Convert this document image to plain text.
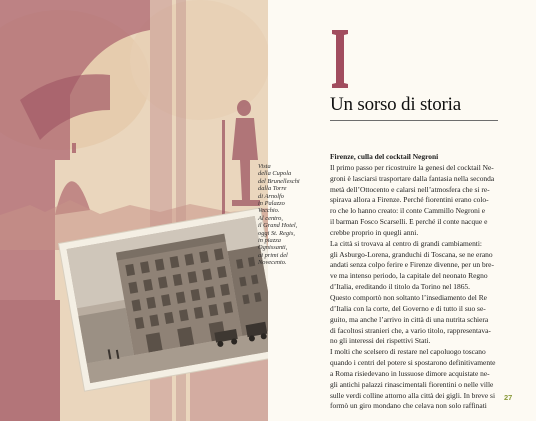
Vista
della Cupola
del Brunelleschi
dalla Torre
di Arnolfo
in Palazzo
Vecchio.
Al centro,
il Grand Hotel,
oggi St. Regis,
in piazza
Ognissanti,
ai primi del
Novecento.
Un sorso di storia
Firenze, culla del cocktail Negroni
Il primo passo per ricostruire la genesi del cocktail Ne-
groni è lasciarsi trasportare dalla fantasia nella seconda
metà dell’Ottocento e calarsi nell’atmosfera che si re-
spirava allora a Firenze. Perché fiorentini erano colo-
ro che lo hanno creato: il conte Cammillo Negroni e
il barman Fosco Scarselli. E perché il conte nacque e
crebbe proprio in quegli anni.
La città si trovava al centro di grandi cambiamenti:
gli Asburgo-Lorena, granduchi di Toscana, se ne erano
andati senza colpo ferire e Firenze divenne, per un bre-
ve ma intenso periodo, la capitale del neonato Regno
d’Italia, ereditando il titolo da Torino nel 1865.
Questo comportò non soltanto l’insediamento del Re
d’Italia con la corte, del Governo e di tutto il suo se-
guito, ma anche l’arrivo in città di una nutrita schiera
di facoltosi stranieri che, a vario titolo, rappresentava-
no gli interessi dei rispettivi Stati.
I molti che scelsero di restare nel capoluogo toscano
quando i centri del potere si spostarono definitivamente
a Roma risiedevano in lussuose dimore acquistate ne-
gli antichi palazzi rinascimentali fiorentini o nelle ville
sulle verdi colline attorno alla città dei gigli. In breve si
formò un giro mondano che celava non solo raffinati
27
